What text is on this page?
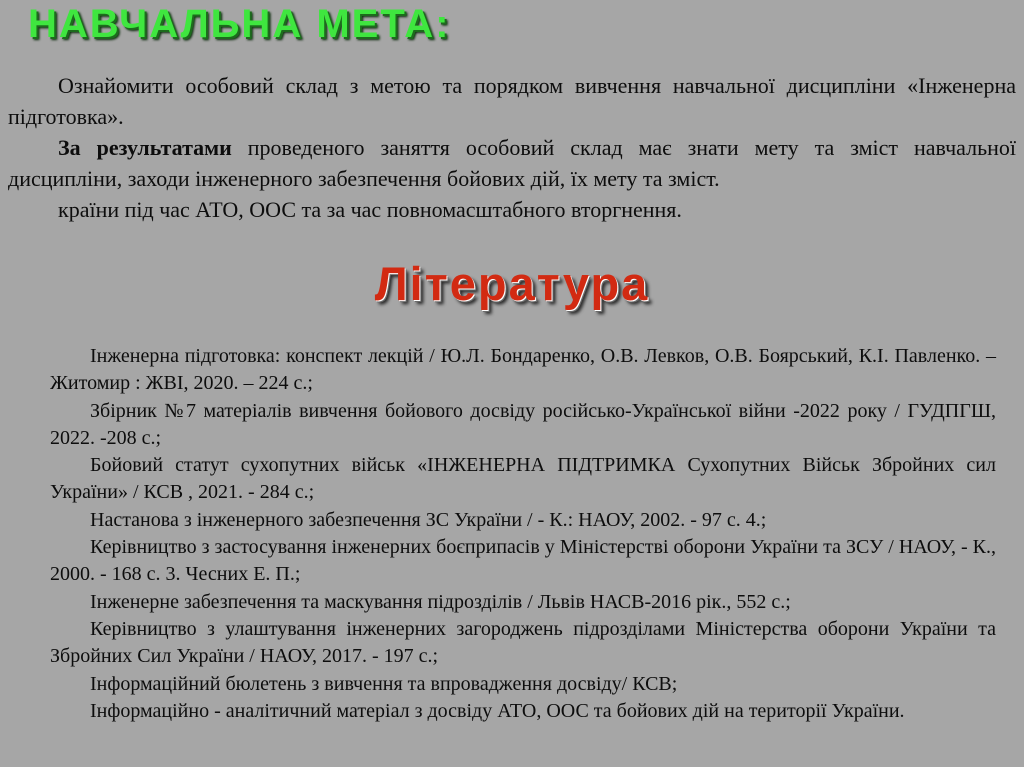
НАВЧАЛЬНА МЕТА:

Ознайомити особовий склад з метою та порядком вивчення навчальної дисципліни «Інженерна підготовка».

За результатами проведеного заняття особовий склад має знати мету та зміст навчальної дисципліни, заходи інженерного забезпечення бойових дій, їх мету та зміст.

країни під час АТО, ООС та за час повномасштабного вторгнення.

Література

Інженерна підготовка: конспект лекцій / Ю.Л. Бондаренко, О.В. Левков, О.В. Боярський, К.І. Павленко. – Житомир : ЖВІ, 2020. – 224 с.;

Збірник №7 матеріалів вивчення бойового досвіду російсько-Української війни -2022 року / ГУДПГШ, 2022. -208 с.;

Бойовий статут сухопутних військ «ІНЖЕНЕРНА ПІДТРИМКА Сухопутних Військ Збройних сил України» / КСВ , 2021. - 284 с.;

Настанова з інженерного забезпечення ЗС України / - К.: НАОУ, 2002. - 97 с. 4.;

Керівництво з застосування інженерних боєприпасів у Міністерстві оборони України та ЗСУ / НАОУ, - К., 2000. - 168 с. 3. Чесних Е. П.;

Інженерне забезпечення та маскування підрозділів / Львів НАСВ-2016 рік., 552 с.;

Керівництво з улаштування інженерних загороджень підрозділами Міністерства оборони України та Збройних Сил України / НАОУ, 2017. - 197 с.;

Інформаційний бюлетень з вивчення та впровадження досвіду/ КСВ;

Інформаційно - аналітичний матеріал з досвіду АТО, ООС та бойових дій на території України.
